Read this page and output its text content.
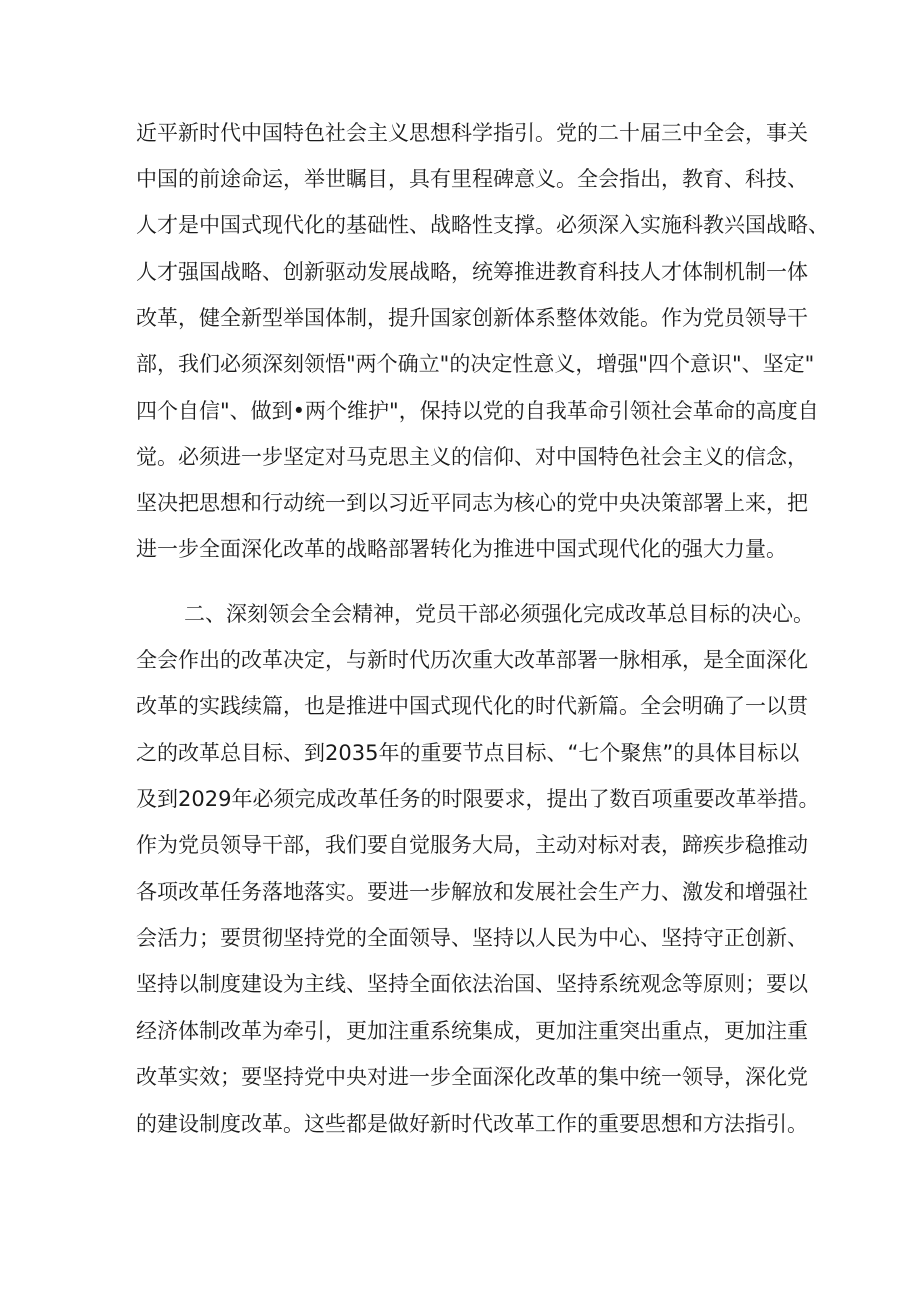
近平新时代中国特色社会主义思想科学指引。党的二十届三中全会，事关
中国的前途命运，举世瞩目，具有里程碑意义。全会指出，教育、科技、
人才是中国式现代化的基础性、战略性支撑。必须深入实施科教兴国战略、
人才强国战略、创新驱动发展战略，统筹推进教育科技人才体制机制一体
改革，健全新型举国体制，提升国家创新体系整体效能。作为党员领导干
部，我们必须深刻领悟"两个确立"的决定性意义，增强"四个意识"、坚定"
四个自信"、做到•两个维护"，保持以党的自我革命引领社会革命的高度自
觉。必须进一步坚定对马克思主义的信仰、对中国特色社会主义的信念，
坚决把思想和行动统一到以习近平同志为核心的党中央决策部署上来，把
进一步全面深化改革的战略部署转化为推进中国式现代化的强大力量。
二、深刻领会全会精神，党员干部必须强化完成改革总目标的决心。
全会作出的改革决定，与新时代历次重大改革部署一脉相承，是全面深化
改革的实践续篇，也是推进中国式现代化的时代新篇。全会明确了一以贯
之的改革总目标、到2035年的重要节点目标、“七个聚焦”的具体目标以
及到2029年必须完成改革任务的时限要求，提出了数百项重要改革举措。
作为党员领导干部，我们要自觉服务大局，主动对标对表，蹄疾步稳推动
各项改革任务落地落实。要进一步解放和发展社会生产力、激发和增强社
会活力；要贯彻坚持党的全面领导、坚持以人民为中心、坚持守正创新、
坚持以制度建设为主线、坚持全面依法治国、坚持系统观念等原则；要以
经济体制改革为牵引，更加注重系统集成，更加注重突出重点，更加注重
改革实效；要坚持党中央对进一步全面深化改革的集中统一领导，深化党
的建设制度改革。这些都是做好新时代改革工作的重要思想和方法指引。
